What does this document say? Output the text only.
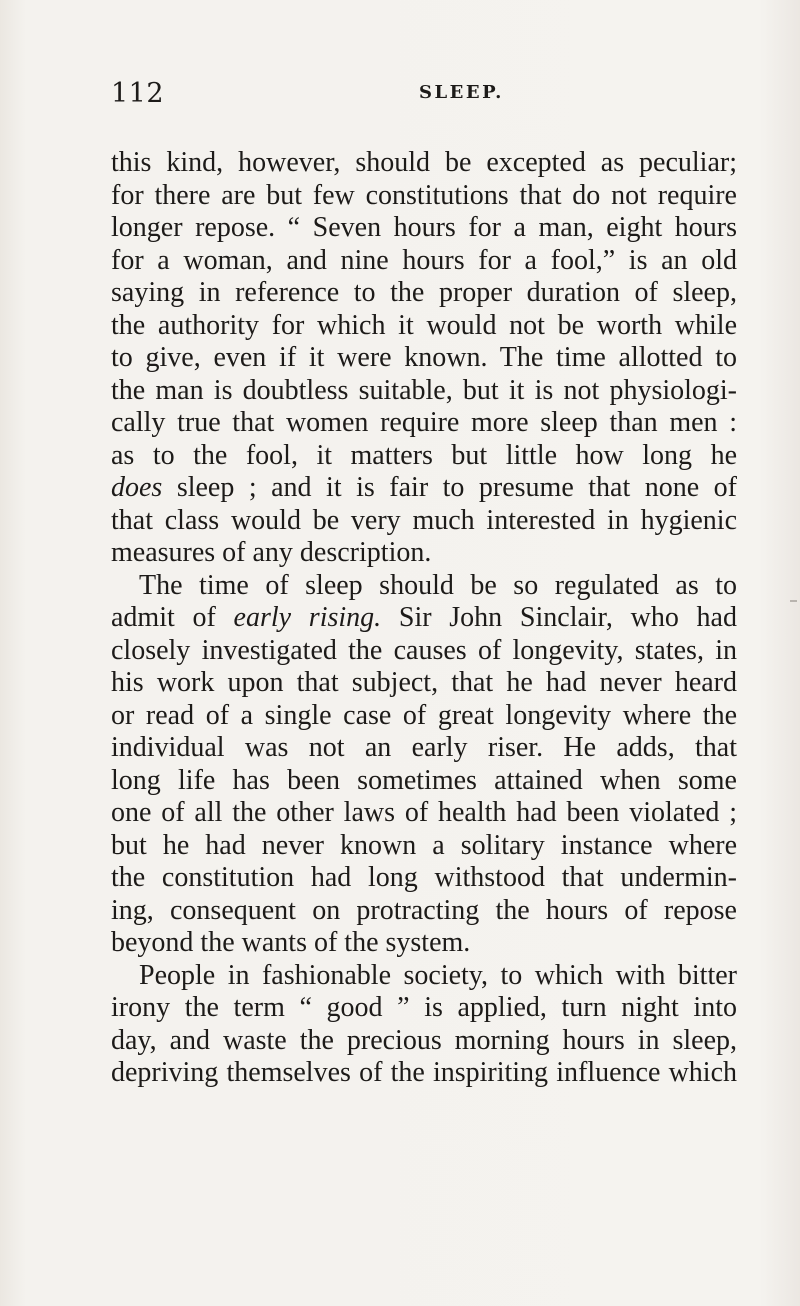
112	SLEEP.
this kind, however, should be excepted as peculiar;
for there are but few constitutions that do not require
longer repose. “ Seven hours for a man, eight hours
for a woman, and nine hours for a fool,” is an old
saying in reference to the proper duration of sleep,
the authority for which it would not be worth while
to give, even if it were known. The time allotted to
the man is doubtless suitable, but it is not physiologi-
cally true that women require more sleep than men :
as to the fool, it matters but little how long he
does sleep ; and it is fair to presume that none of
that class would be very much interested in hygienic
measures of any description.
The time of sleep should be so regulated as to
admit of early rising. Sir John Sinclair, who had
closely investigated the causes of longevity, states, in
his work upon that subject, that he had never heard
or read of a single case of great longevity where the
individual was not an early riser. He adds, that
long life has been sometimes attained when some
one of all the other laws of health had been violated ;
but he had never known a solitary instance where
the constitution had long withstood that undermin-
ing, consequent on protracting the hours of repose
beyond the wants of the system.
People in fashionable society, to which with bitter
irony the term “ good ” is applied, turn night into
day, and waste the precious morning hours in sleep,
depriving themselves of the inspiriting influence which
